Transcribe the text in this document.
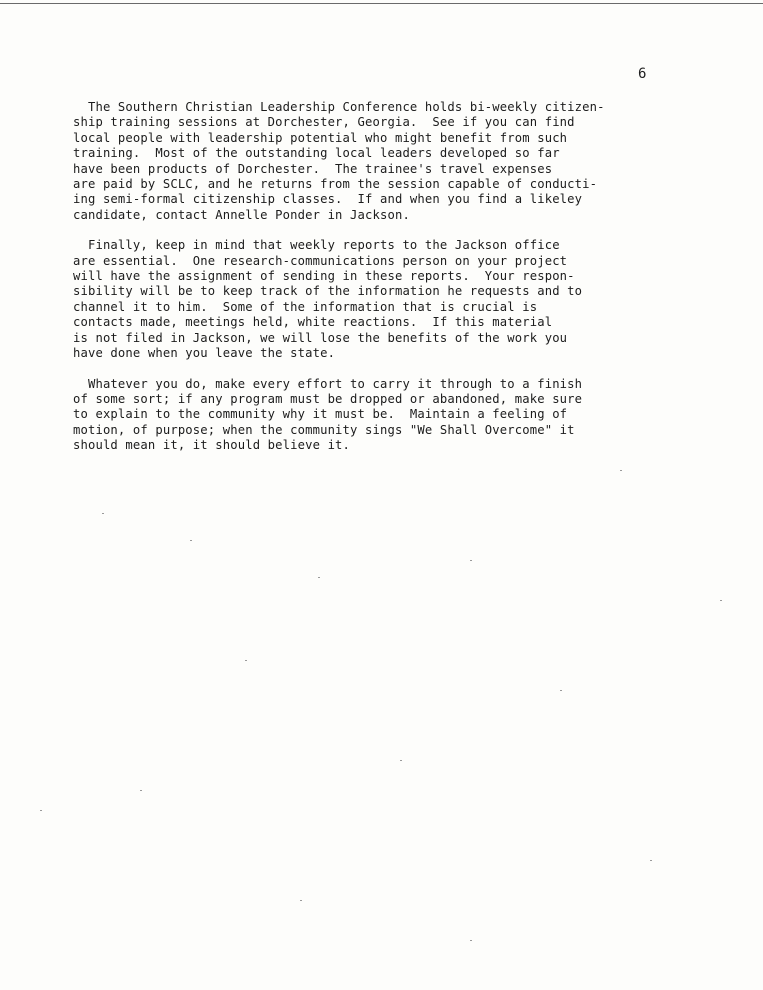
6
The Southern Christian Leadership Conference holds bi-weekly citizen-
ship training sessions at Dorchester, Georgia.  See if you can find
local people with leadership potential who might benefit from such
training.  Most of the outstanding local leaders developed so far
have been products of Dorchester.  The trainee's travel expenses
are paid by SCLC, and he returns from the session capable of conducti-
ing semi-formal citizenship classes.  If and when you find a likeley
candidate, contact Annelle Ponder in Jackson.
Finally, keep in mind that weekly reports to the Jackson office
are essential.  One research-communications person on your project
will have the assignment of sending in these reports.  Your respon-
sibility will be to keep track of the information he requests and to
channel it to him.  Some of the information that is crucial is
contacts made, meetings held, white reactions.  If this material
is not filed in Jackson, we will lose the benefits of the work you
have done when you leave the state.
Whatever you do, make every effort to carry it through to a finish
of some sort; if any program must be dropped or abandoned, make sure
to explain to the community why it must be.  Maintain a feeling of
motion, of purpose; when the community sings "We Shall Overcome" it
should mean it, it should believe it.
